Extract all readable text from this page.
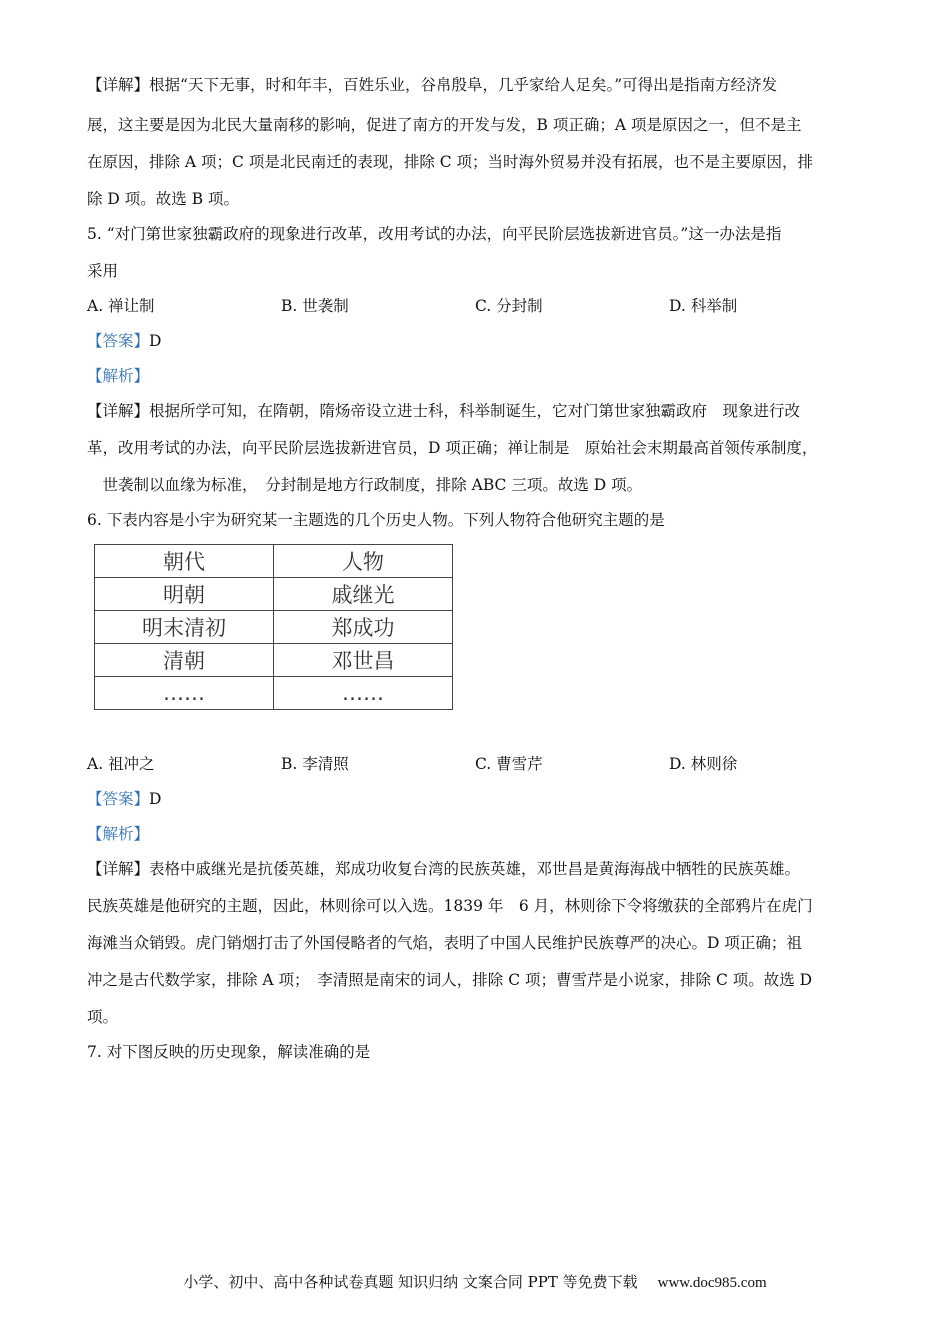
【详解】根据“天下无事，时和年丰，百姓乐业，谷帛殷阜，几乎家给人足矣。”可得出是指南方经济发
展，这主要是因为北民大量南移的影响，促进了南方的开发与发，B 项正确；A 项是原因之一，但不是主
在原因，排除 A 项；C 项是北民南迁的表现，排除 C 项；当时海外贸易并没有拓展，也不是主要原因，排
除 D 项。故选 B 项。
5. “对门第世家独霸政府的现象进行改革，改用考试的办法，向平民阶层选拔新进官员。”这一办法是指
采用
A. 禅让制	B. 世袭制	C. 分封制	D. 科举制
【答案】D
【解析】
【详解】根据所学可知，在隋朝，隋炀帝设立进士科，科举制诞生，它对门第世家独霸政府　现象进行改
革，改用考试的办法，向平民阶层选拔新进官员，D 项正确；禅让制是　原始社会末期最高首领传承制度，
　世袭制以血缘为标准，　分封制是地方行政制度，排除 ABC 三项。故选 D 项。
6. 下表内容是小宇为研究某一主题选的几个历史人物。下列人物符合他研究主题的是
朝代	人物
明朝	戚继光
明末清初	郑成功
清朝	邓世昌
……	……
A. 祖冲之	B. 李清照	C. 曹雪芹	D. 林则徐
【答案】D
【解析】
【详解】表格中戚继光是抗倭英雄，郑成功收复台湾的民族英雄，邓世昌是黄海海战中牺牲的民族英雄。
民族英雄是他研究的主题，因此，林则徐可以入选。1839 年　6 月，林则徐下令将缴获的全部鸦片在虎门
海滩当众销毁。虎门销烟打击了外国侵略者的气焰，表明了中国人民维护民族尊严的决心。D 项正确；祖
冲之是古代数学家，排除 A 项；　李清照是南宋的词人，排除 C 项；曹雪芹是小说家，排除 C 项。故选 D
项。
7. 对下图反映的历史现象，解读准确的是
小学、初中、高中各种试卷真题 知识归纳 文案合同 PPT 等免费下载 www.doc985.com
